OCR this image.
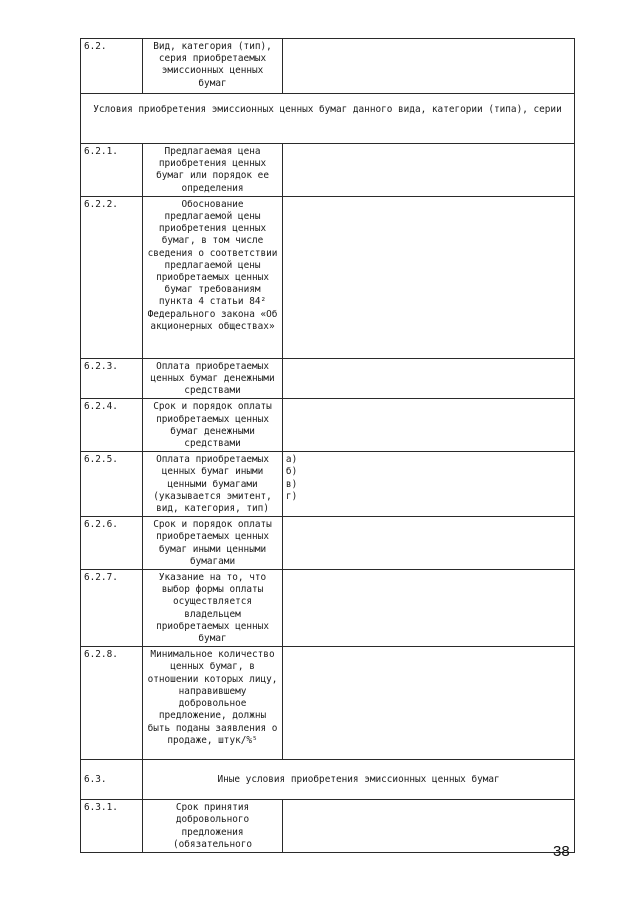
6.2.	Вид, категория (тип), серия приобретаемых эмиссионных ценных бумаг	
Условия приобретения эмиссионных ценных бумаг данного вида, категории (типа), серии		
6.2.1.	Предлагаемая цена приобретения ценных бумаг или порядок ее определения	
6.2.2.	Обоснование предлагаемой цены приобретения ценных бумаг, в том числе сведения о соответствии предлагаемой цены приобретаемых ценных бумаг требованиям пункта 4 статьи 84² Федерального закона «Об акционерных обществах»	
6.2.3.	Оплата приобретаемых ценных бумаг денежными средствами	
6.2.4.	Срок и порядок оплаты приобретаемых ценных бумаг денежными средствами	
6.2.5.	Оплата приобретаемых ценных бумаг иными ценными бумагами (указывается эмитент, вид, категория, тип)	а)
б)
в)
г)

6.2.6.	Срок и порядок оплаты приобретаемых ценных бумаг иными ценными бумагами	
6.2.7.	Указание на то, что выбор формы оплаты осуществляется владельцем приобретаемых ценных бумаг	
6.2.8.	Минимальное количество ценных бумаг, в отношении которых лицу, направившему добровольное предложение, должны быть поданы заявления о продаже, штук/%⁵	
6.3.	Иные условия приобретения эмиссионных ценных бумаг	
6.3.1.	Срок принятия добровольного предложения (обязательного		38
